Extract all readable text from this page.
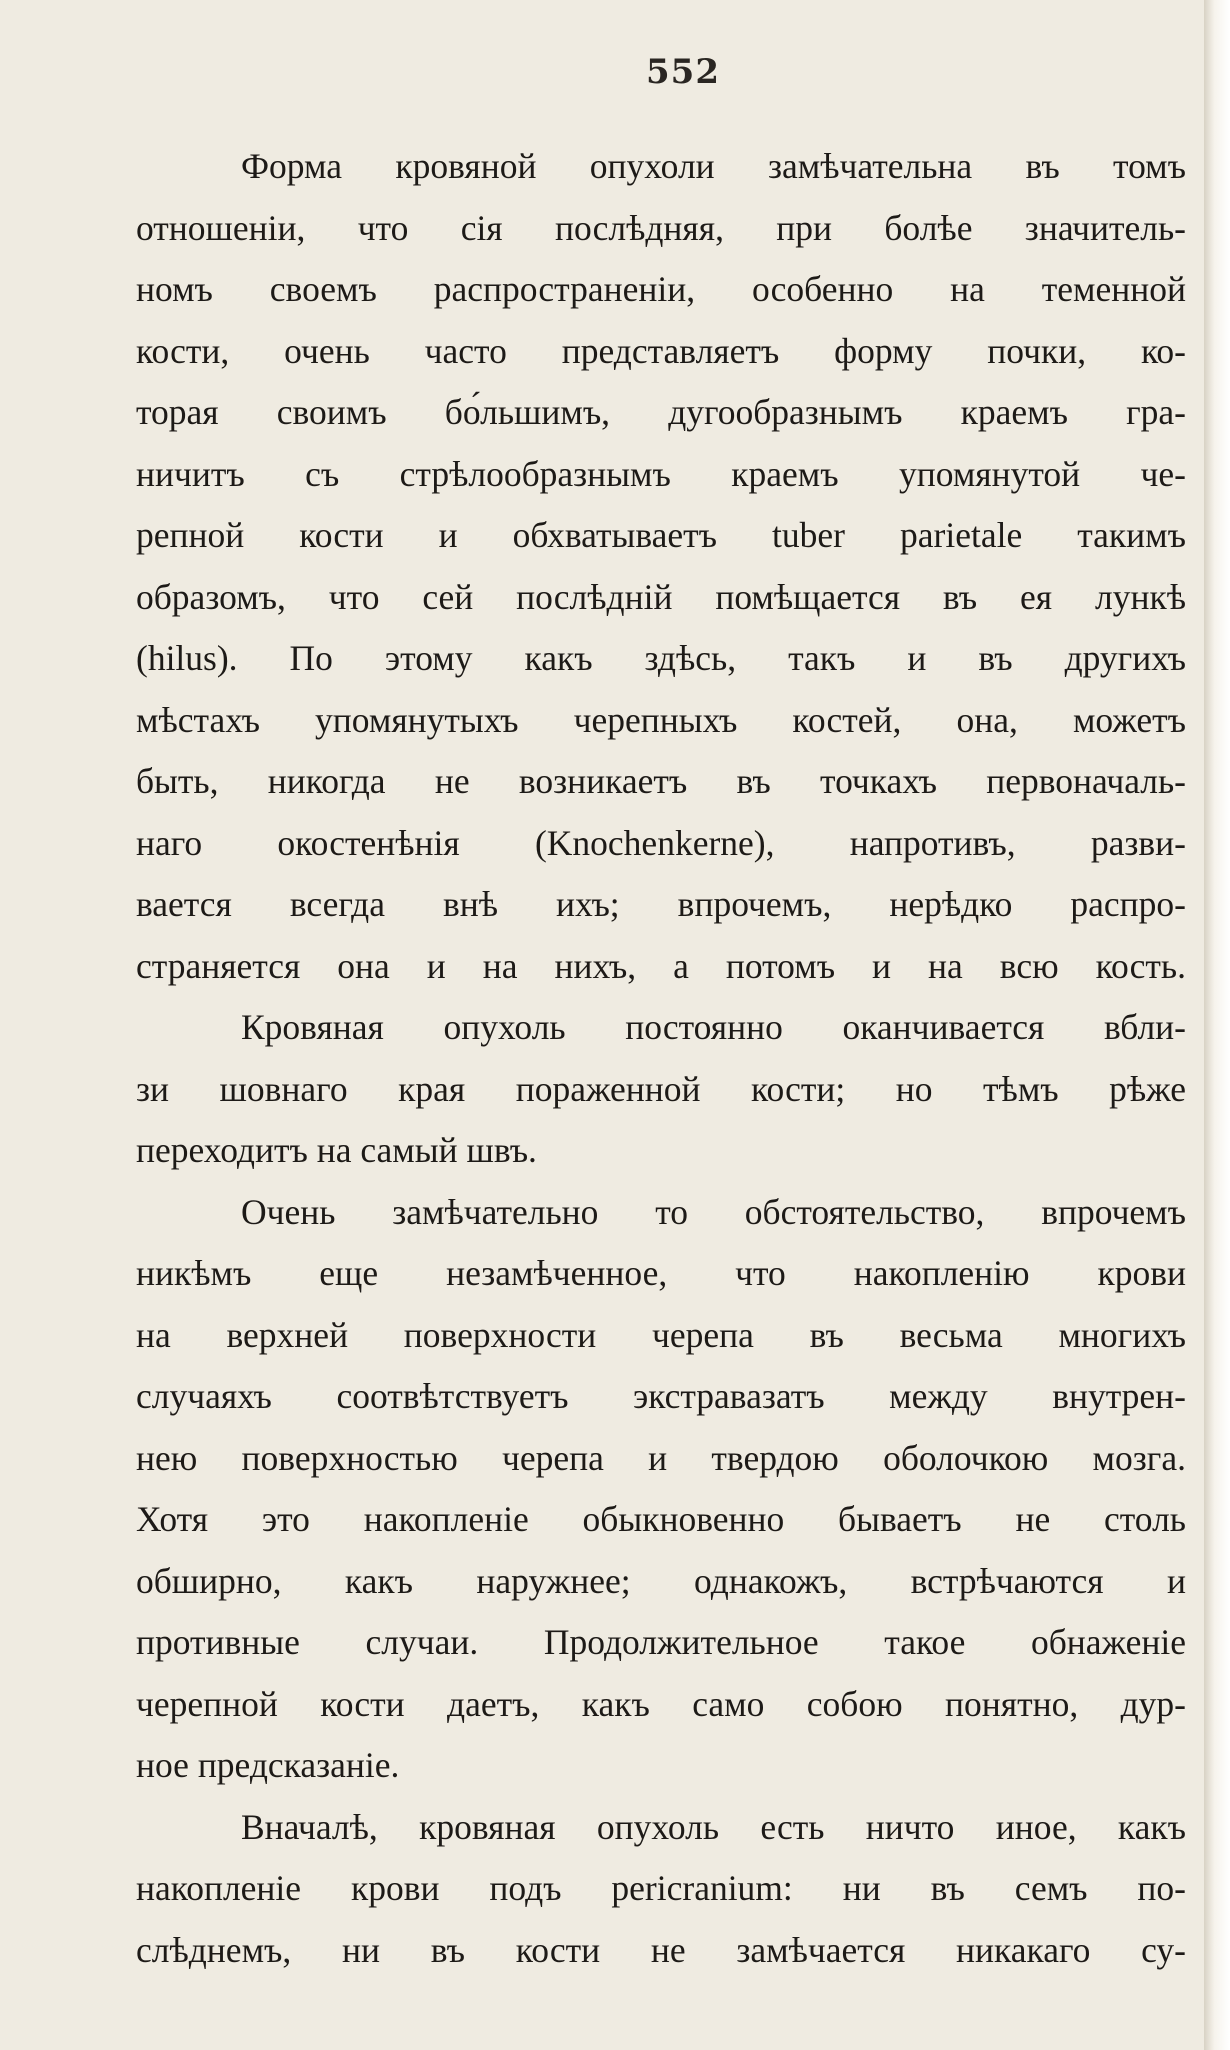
552
Форма кровяной опухоли замѣчательна въ томъ
отношеніи, что сія послѣдняя, при болѣе значитель-
номъ своемъ распространеніи, особенно на теменной
кости, очень часто представляетъ форму почки, ко-
торая своимъ бо́льшимъ, дугообразнымъ краемъ гра-
ничитъ съ стрѣлообразнымъ краемъ упомянутой че-
репной кости и обхватываетъ tuber parietale такимъ
образомъ, что сей послѣдній помѣщается въ ея лункѣ
(hilus). По этому какъ здѣсь, такъ и въ другихъ
мѣстахъ упомянутыхъ черепныхъ костей, она, можетъ
быть, никогда не возникаетъ въ точкахъ первоначаль-
наго окостенѣнія (Knochenkerne), напротивъ, разви-
вается всегда внѣ ихъ; впрочемъ, нерѣдко распро-
страняется она и на нихъ, а потомъ и на всю кость.
Кровяная опухоль постоянно оканчивается вбли-
зи шовнаго края пораженной кости; но тѣмъ рѣже
переходитъ на самый швъ.
Очень замѣчательно то обстоятельство, впрочемъ
никѣмъ еще незамѣченное, что накопленію крови
на верхней поверхности черепа въ весьма многихъ
случаяхъ соотвѣтствуетъ экстравазатъ между внутрен-
нею поверхностью черепа и твердою оболочкою мозга.
Хотя это накопленіе обыкновенно бываетъ не столь
обширно, какъ наружнее; однакожъ, встрѣчаются и
противные случаи. Продолжительное такое обнаженіе
черепной кости даетъ, какъ само собою понятно, дур-
ное предсказаніе.
Вначалѣ, кровяная опухоль есть ничто иное, какъ
накопленіе крови подъ pericranium: ни въ семъ по-
слѣднемъ, ни въ кости не замѣчается никакаго су-
